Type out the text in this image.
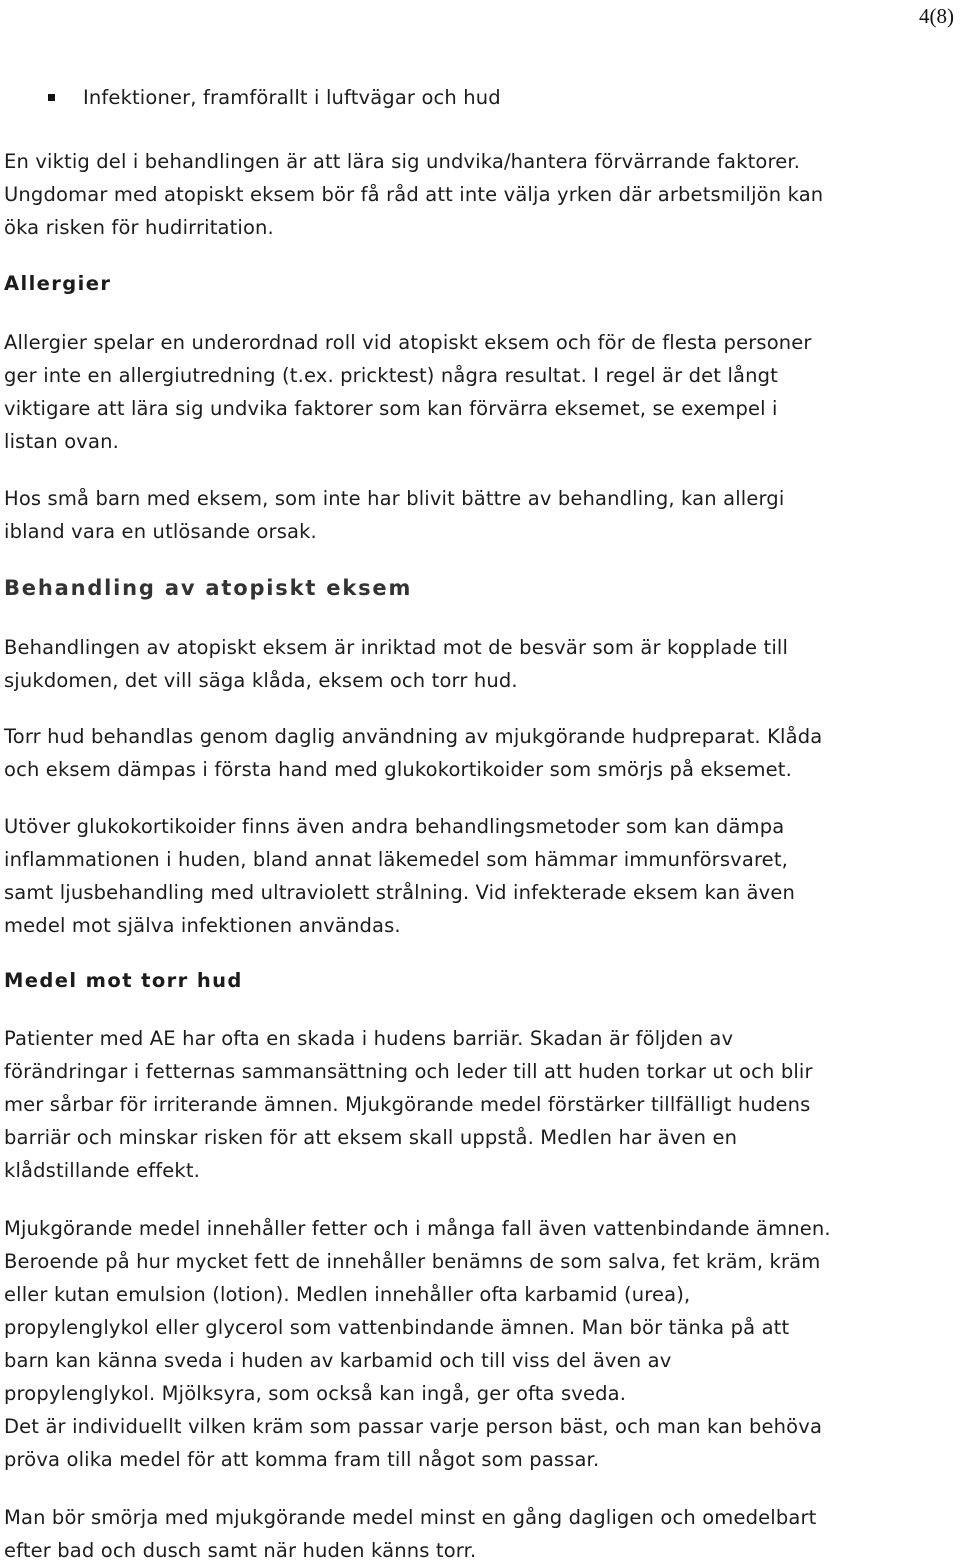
4(8)
Infektioner, framförallt i luftvägar och hud

En viktig del i behandlingen är att lära sig undvika/hantera förvärrande faktorer.
Ungdomar med atopiskt eksem bör få råd att inte välja yrken där arbetsmiljön kan
öka risken för hudirritation.

Allergier

Allergier spelar en underordnad roll vid atopiskt eksem och för de flesta personer
ger inte en allergiutredning (t.ex. pricktest) några resultat. I regel är det långt
viktigare att lära sig undvika faktorer som kan förvärra eksemet, se exempel i
listan ovan.

Hos små barn med eksem, som inte har blivit bättre av behandling, kan allergi
ibland vara en utlösande orsak.

Behandling av atopiskt eksem

Behandlingen av atopiskt eksem är inriktad mot de besvär som är kopplade till
sjukdomen, det vill säga klåda, eksem och torr hud.

Torr hud behandlas genom daglig användning av mjukgörande hudpreparat. Klåda
och eksem dämpas i första hand med glukokortikoider som smörjs på eksemet.

Utöver glukokortikoider finns även andra behandlingsmetoder som kan dämpa
inflammationen i huden, bland annat läkemedel som hämmar immunförsvaret,
samt ljusbehandling med ultraviolett strålning. Vid infekterade eksem kan även
medel mot själva infektionen användas.

Medel mot torr hud

Patienter med AE har ofta en skada i hudens barriär. Skadan är följden av
förändringar i fetternas sammansättning och leder till att huden torkar ut och blir
mer sårbar för irriterande ämnen. Mjukgörande medel förstärker tillfälligt hudens
barriär och minskar risken för att eksem skall uppstå. Medlen har även en
klådstillande effekt.

Mjukgörande medel innehåller fetter och i många fall även vattenbindande ämnen.
Beroende på hur mycket fett de innehåller benämns de som salva, fet kräm, kräm
eller kutan emulsion (lotion). Medlen innehåller ofta karbamid (urea),
propylenglykol eller glycerol som vattenbindande ämnen. Man bör tänka på att
barn kan känna sveda i huden av karbamid och till viss del även av
propylenglykol. Mjölksyra, som också kan ingå, ger ofta sveda.
Det är individuellt vilken kräm som passar varje person bäst, och man kan behöva
pröva olika medel för att komma fram till något som passar.

Man bör smörja med mjukgörande medel minst en gång dagligen och omedelbart
efter bad och dusch samt när huden känns torr.
